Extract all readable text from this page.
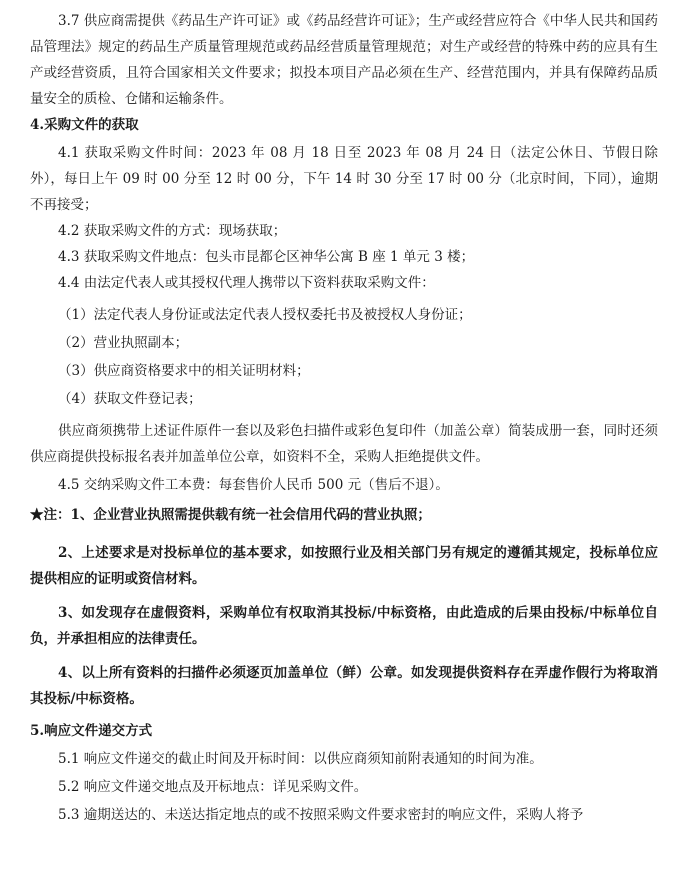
3.7 供应商需提供《药品生产许可证》或《药品经营许可证》；生产或经营应符合《中华人民共和国药品管理法》规定的药品生产质量管理规范或药品经营质量管理规范；对生产或经营的特殊中药的应具有生产或经营资质，且符合国家相关文件要求；拟投本项目产品必须在生产、经营范围内，并具有保障药品质量安全的质检、仓储和运输条件。
4.采购文件的获取
4.1 获取采购文件时间：2023 年 08 月 18 日至 2023 年 08 月 24 日（法定公休日、节假日除外），每日上午 09 时 00 分至 12 时 00 分，下午 14 时 30 分至 17 时 00 分（北京时间，下同），逾期不再接受；
4.2 获取采购文件的方式：现场获取；
4.3 获取采购文件地点：包头市昆都仑区神华公寓 B 座 1 单元 3 楼；
4.4 由法定代表人或其授权代理人携带以下资料获取采购文件：
（1）法定代表人身份证或法定代表人授权委托书及被授权人身份证；
（2）营业执照副本；
（3）供应商资格要求中的相关证明材料；
（4）获取文件登记表；
供应商须携带上述证件原件一套以及彩色扫描件或彩色复印件（加盖公章）简装成册一套，同时还须供应商提供投标报名表并加盖单位公章，如资料不全，采购人拒绝提供文件。
4.5 交纳采购文件工本费：每套售价人民币 500 元（售后不退）。
★注：1、企业营业执照需提供载有统一社会信用代码的营业执照；
2、上述要求是对投标单位的基本要求，如按照行业及相关部门另有规定的遵循其规定，投标单位应提供相应的证明或资信材料。
3、如发现存在虚假资料，采购单位有权取消其投标/中标资格，由此造成的后果由投标/中标单位自负，并承担相应的法律责任。
4、以上所有资料的扫描件必须逐页加盖单位（鲜）公章。如发现提供资料存在弄虚作假行为将取消其投标/中标资格。
5.响应文件递交方式
5.1 响应文件递交的截止时间及开标时间：以供应商须知前附表通知的时间为准。
5.2 响应文件递交地点及开标地点：详见采购文件。
5.3 逾期送达的、未送达指定地点的或不按照采购文件要求密封的响应文件，采购人将予
